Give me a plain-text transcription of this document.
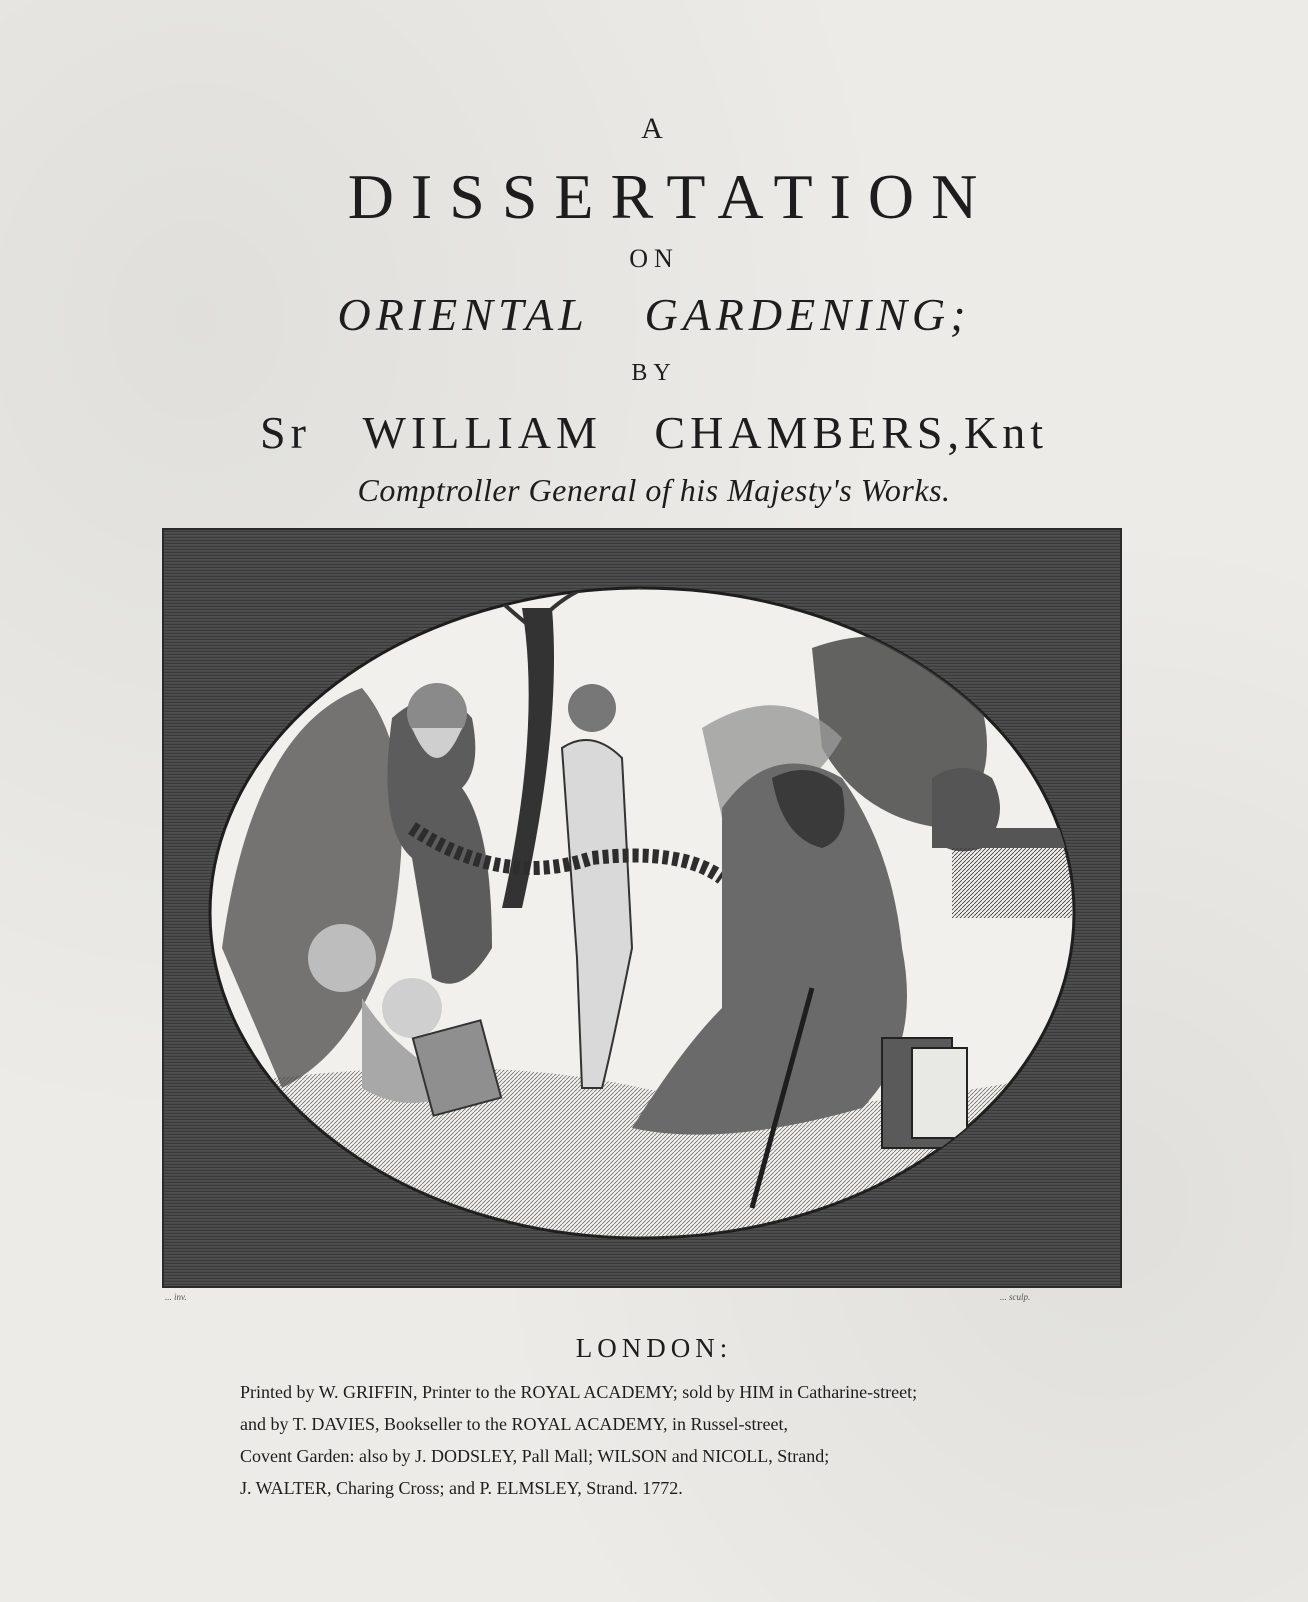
A
DISSERTATION
ON
ORIENTAL GARDENING;
BY
Sr WILLIAM CHAMBERS,Knt
Comptroller General of his Majesty's Works.
... inv.	... sculp.
LONDON:
Printed by W. GRIFFIN, Printer to the ROYAL ACADEMY; sold by HIM in Catharine-street;
and by T. DAVIES, Bookseller to the ROYAL ACADEMY, in Russel-street,
Covent Garden: also by J. DODSLEY, Pall Mall; WILSON and NICOLL, Strand;
J. WALTER, Charing Cross; and P. ELMSLEY, Strand. 1772.
